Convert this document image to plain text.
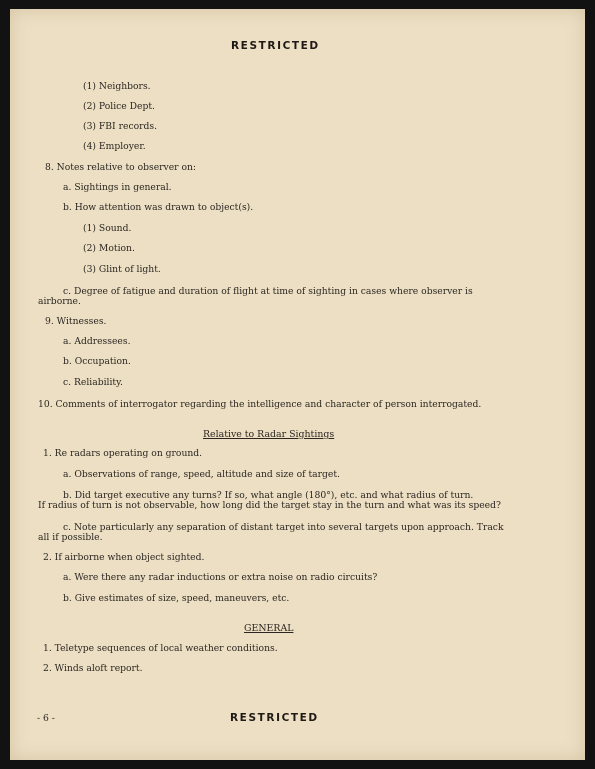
RESTRICTED
(1) Neighbors.
(2) Police Dept.
(3) FBI records.
(4) Employer.
8. Notes relative to observer on:
a. Sightings in general.
b. How attention was drawn to object(s).
(1) Sound.
(2) Motion.
(3) Glint of light.
c. Degree of fatigue and duration of flight at time of sighting in cases where observer is
airborne.
9. Witnesses.
a. Addressees.
b. Occupation.
c. Reliability.
10. Comments of interrogator regarding the intelligence and character of person interrogated.
Relative to Radar Sightings
1. Re radars operating on ground.
a. Observations of range, speed, altitude and size of target.
b. Did target executive any turns? If so, what angle (180°), etc. and what radius of turn.
If radius of turn is not observable, how long did the target stay in the turn and what was its speed?
c. Note particularly any separation of distant target into several targets upon approach. Track
all if possible.
2. If airborne when object sighted.
a. Were there any radar inductions or extra noise on radio circuits?
b. Give estimates of size, speed, maneuvers, etc.
GENERAL
1. Teletype sequences of local weather conditions.
2. Winds aloft report.
- 6 -	RESTRICTED
